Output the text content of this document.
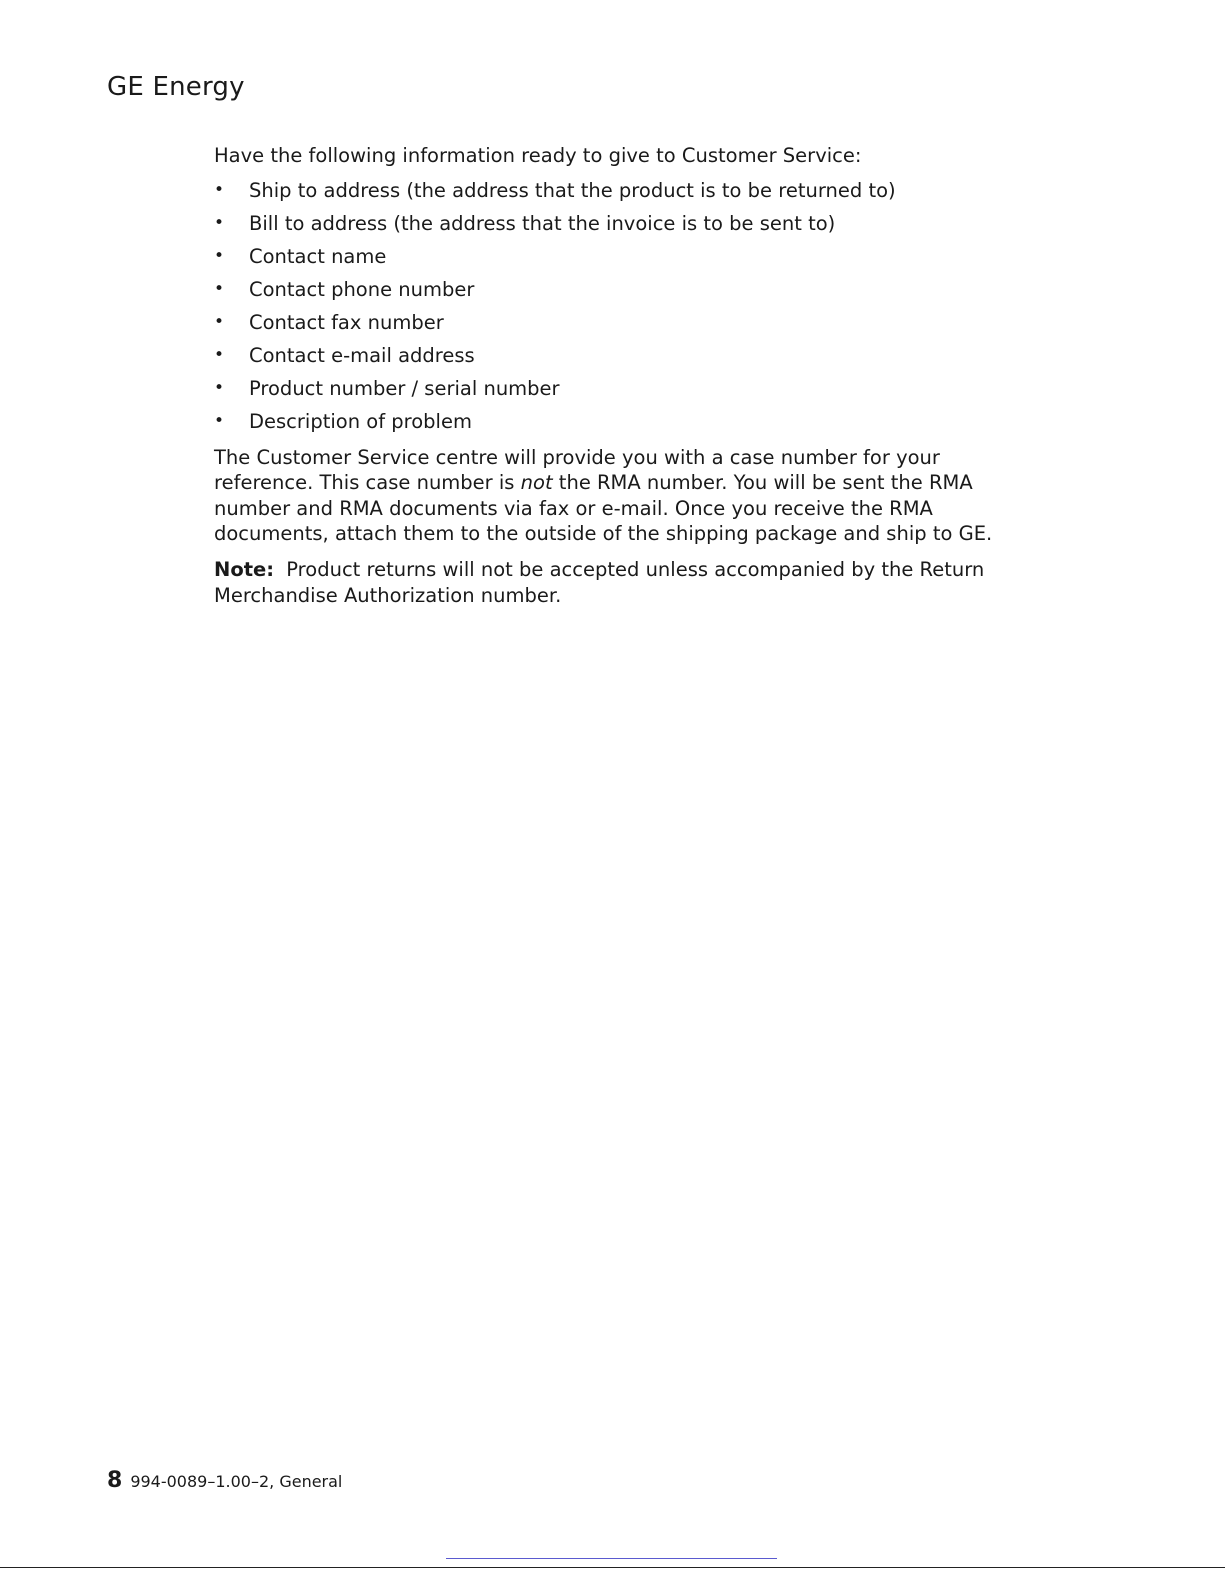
GE Energy

Have the following information ready to give to Customer Service:

•	Ship to address (the address that the product is to be returned to)
•	Bill to address (the address that the invoice is to be sent to)
•	Contact name
•	Contact phone number
•	Contact fax number
•	Contact e-mail address
•	Product number / serial number
•	Description of problem

The Customer Service centre will provide you with a case number for your reference. This case number is not the RMA number. You will be sent the RMA number and RMA documents via fax or e-mail. Once you receive the RMA documents, attach them to the outside of the shipping package and ship to GE.

Note: Product returns will not be accepted unless accompanied by the Return Merchandise Authorization number.

8 994-0089–1.00–2, General
